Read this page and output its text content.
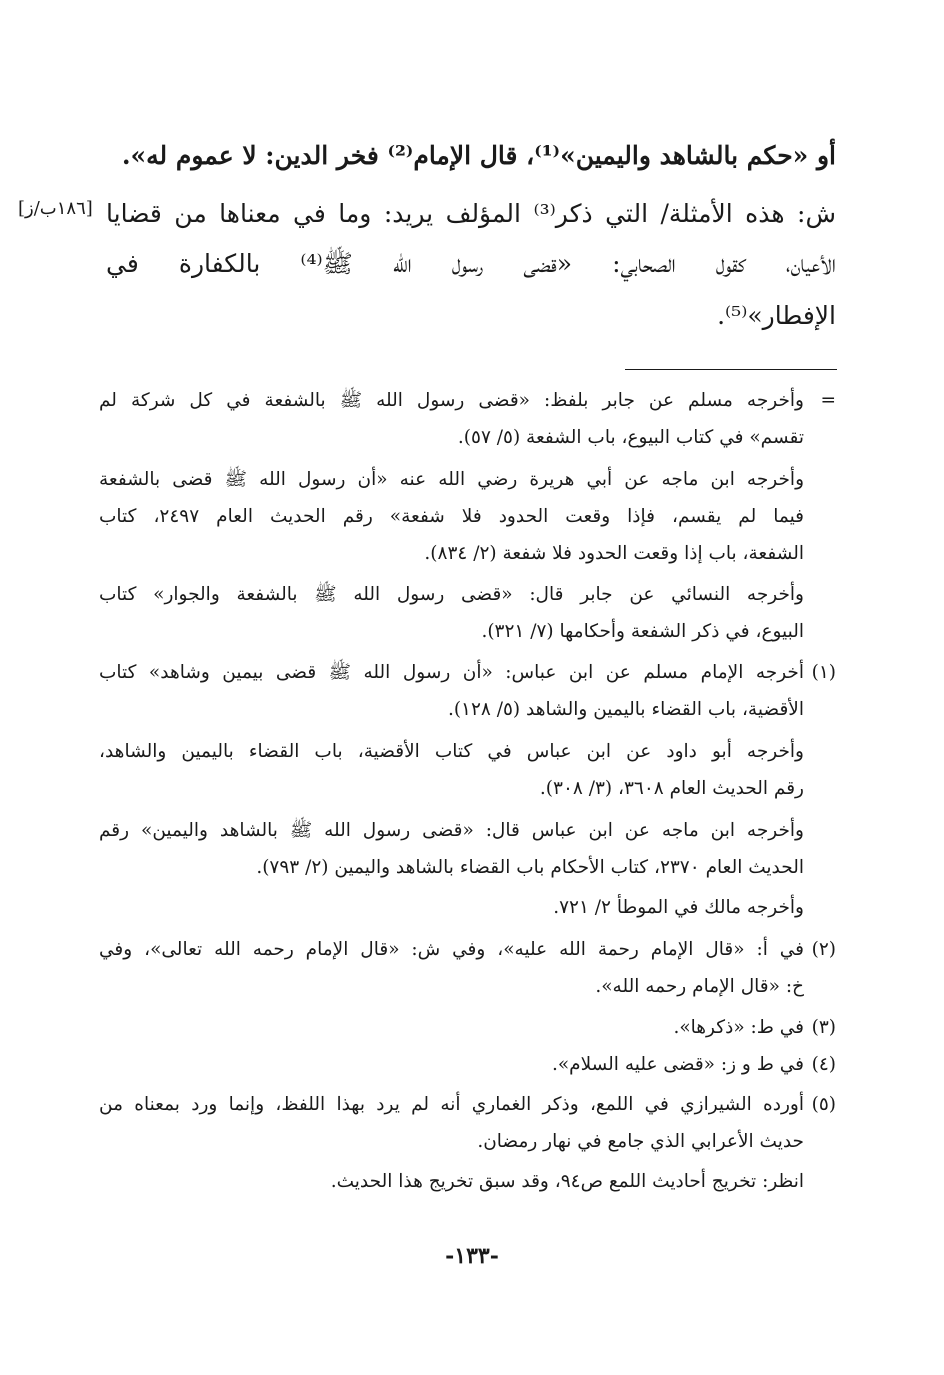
أو «حكم بالشاهد واليمين»⁽¹⁾، قال الإمام⁽²⁾ فخر الدين: لا عموم له».
ش: هذه الأمثلة/ التي ذكر⁽³⁾ المؤلف يريد: وما في معناها من قضايا
الأعيان، كقول الصحابي: «قضى رسول الله ﷺ⁽⁴⁾ بالكفارة في
الإفطار»⁽⁵⁾.
[١٨٦ب/ز]
=
وأخرجه مسلم عن جابر بلفظ: «قضى رسول الله ﷺ بالشفعة في كل شركة لم
تقسم» في كتاب البيوع، باب الشفعة (٥/ ٥٧).
وأخرجه ابن ماجه عن أبي هريرة رضي الله عنه «أن رسول الله ﷺ قضى بالشفعة
فيما لم يقسم، فإذا وقعت الحدود فلا شفعة» رقم الحديث العام ٢٤٩٧، كتاب
الشفعة، باب إذا وقعت الحدود فلا شفعة (٢/ ٨٣٤).
وأخرجه النسائي عن جابر قال: «قضى رسول الله ﷺ بالشفعة والجوار» كتاب
البيوع، في ذكر الشفعة وأحكامها (٧/ ٣٢١).
(١)
أخرجه الإمام مسلم عن ابن عباس: «أن رسول الله ﷺ قضى بيمين وشاهد» كتاب
الأقضية، باب القضاء باليمين والشاهد (٥/ ١٢٨).
وأخرجه أبو داود عن ابن عباس في كتاب الأقضية، باب القضاء باليمين والشاهد،
رقم الحديث العام ٣٦٠٨، (٣/ ٣٠٨).
وأخرجه ابن ماجه عن ابن عباس قال: «قضى رسول الله ﷺ بالشاهد واليمين» رقم
الحديث العام ٢٣٧٠، كتاب الأحكام باب القضاء بالشاهد واليمين (٢/ ٧٩٣).
وأخرجه مالك في الموطأ ٢/ ٧٢١.
(٢)
في أ: «قال الإمام رحمة الله عليه»، وفي ش: «قال الإمام رحمه الله تعالى»، وفي
خ: «قال الإمام رحمه الله».
(٣)
في ط: «ذكرها».
(٤)
في ط و ز: «قضى عليه السلام».
(٥)
أورده الشيرازي في اللمع، وذكر الغماري أنه لم يرد بهذا اللفظ، وإنما ورد بمعناه من
حديث الأعرابي الذي جامع في نهار رمضان.
انظر: تخريج أحاديث اللمع ص٩٤، وقد سبق تخريج هذا الحديث.
-١٣٣-
